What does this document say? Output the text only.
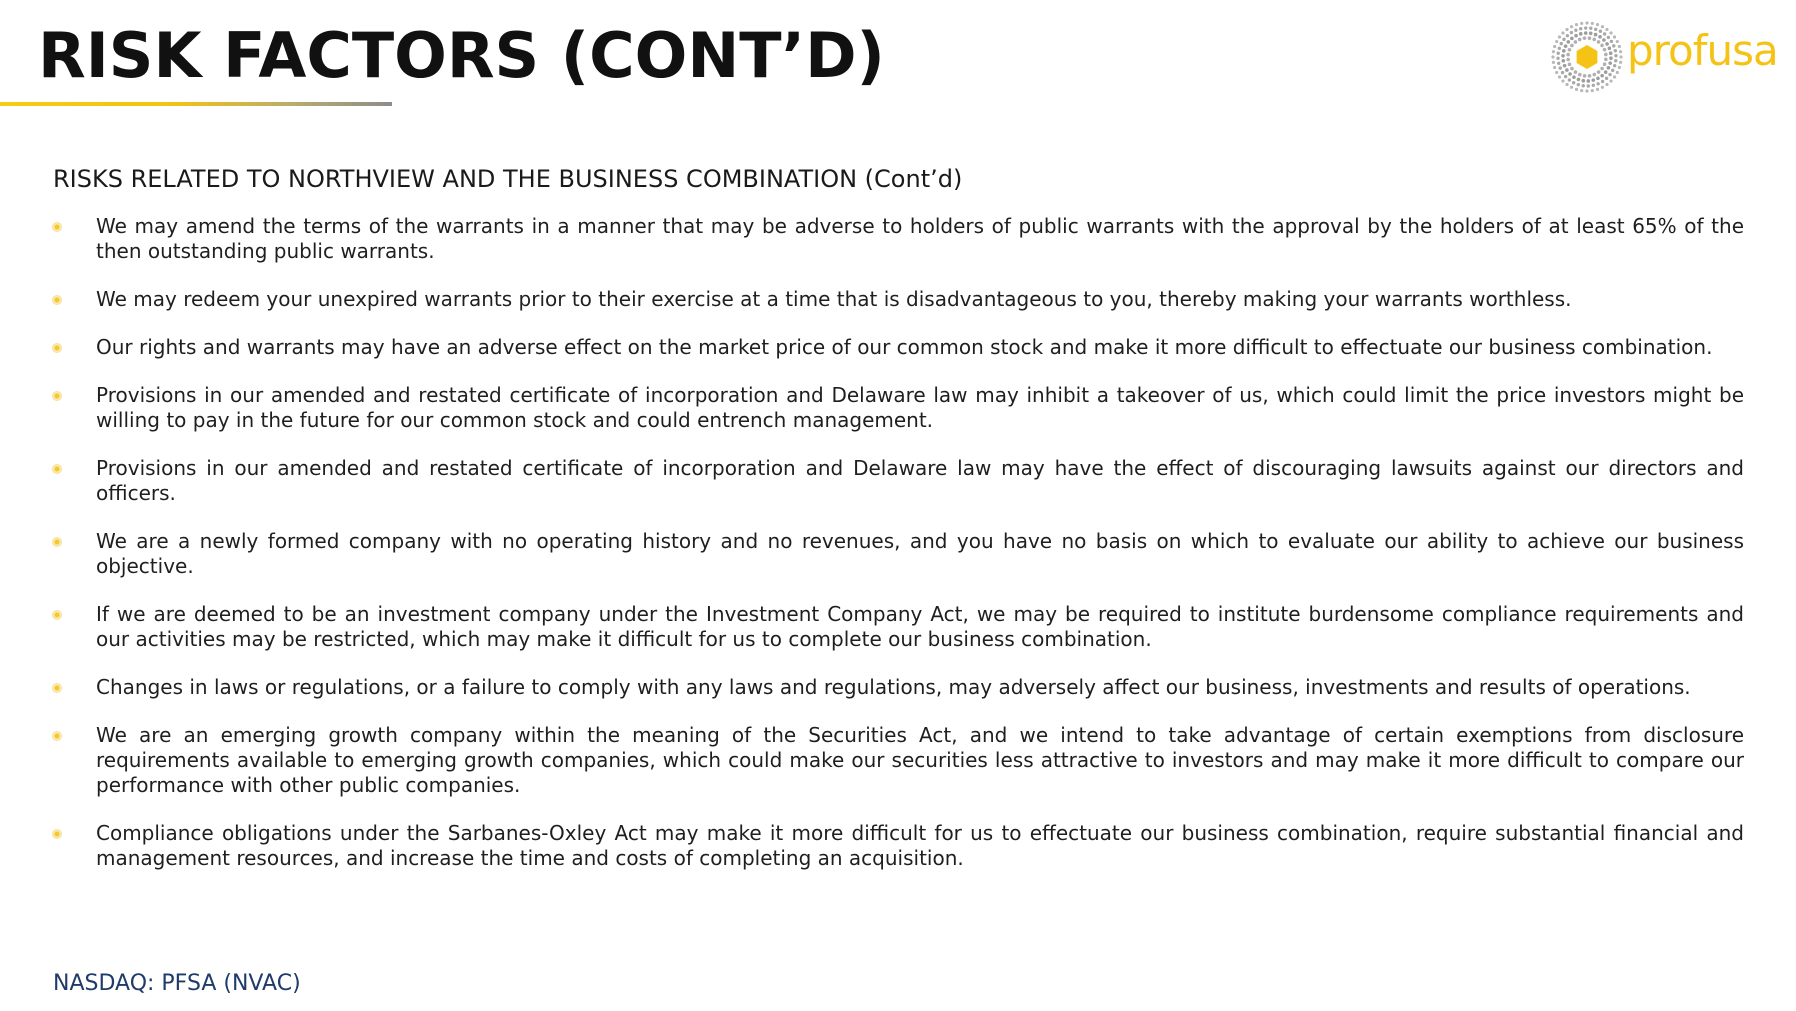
RISK FACTORS (CONT’D)	profusa
RISKS RELATED TO NORTHVIEW AND THE BUSINESS COMBINATION (Cont’d)
We may amend the terms of the warrants in a manner that may be adverse to holders of public warrants with the approval by the holders of at least 65% of the then outstanding public warrants.
We may redeem your unexpired warrants prior to their exercise at a time that is disadvantageous to you, thereby making your warrants worthless.
Our rights and warrants may have an adverse effect on the market price of our common stock and make it more difficult to effectuate our business combination.
Provisions in our amended and restated certificate of incorporation and Delaware law may inhibit a takeover of us, which could limit the price investors might be willing to pay in the future for our common stock and could entrench management.
Provisions in our amended and restated certificate of incorporation and Delaware law may have the effect of discouraging lawsuits against our directors and officers.
We are a newly formed company with no operating history and no revenues, and you have no basis on which to evaluate our ability to achieve our business objective.
If we are deemed to be an investment company under the Investment Company Act, we may be required to institute burdensome compliance requirements and our activities may be restricted, which may make it difficult for us to complete our business combination.
Changes in laws or regulations, or a failure to comply with any laws and regulations, may adversely affect our business, investments and results of operations.
We are an emerging growth company within the meaning of the Securities Act, and we intend to take advantage of certain exemptions from disclosure requirements available to emerging growth companies, which could make our securities less attractive to investors and may make it more difficult to compare our performance with other public companies.
Compliance obligations under the Sarbanes-Oxley Act may make it more difficult for us to effectuate our business combination, require substantial financial and management resources, and increase the time and costs of completing an acquisition.
NASDAQ: PFSA (NVAC)
